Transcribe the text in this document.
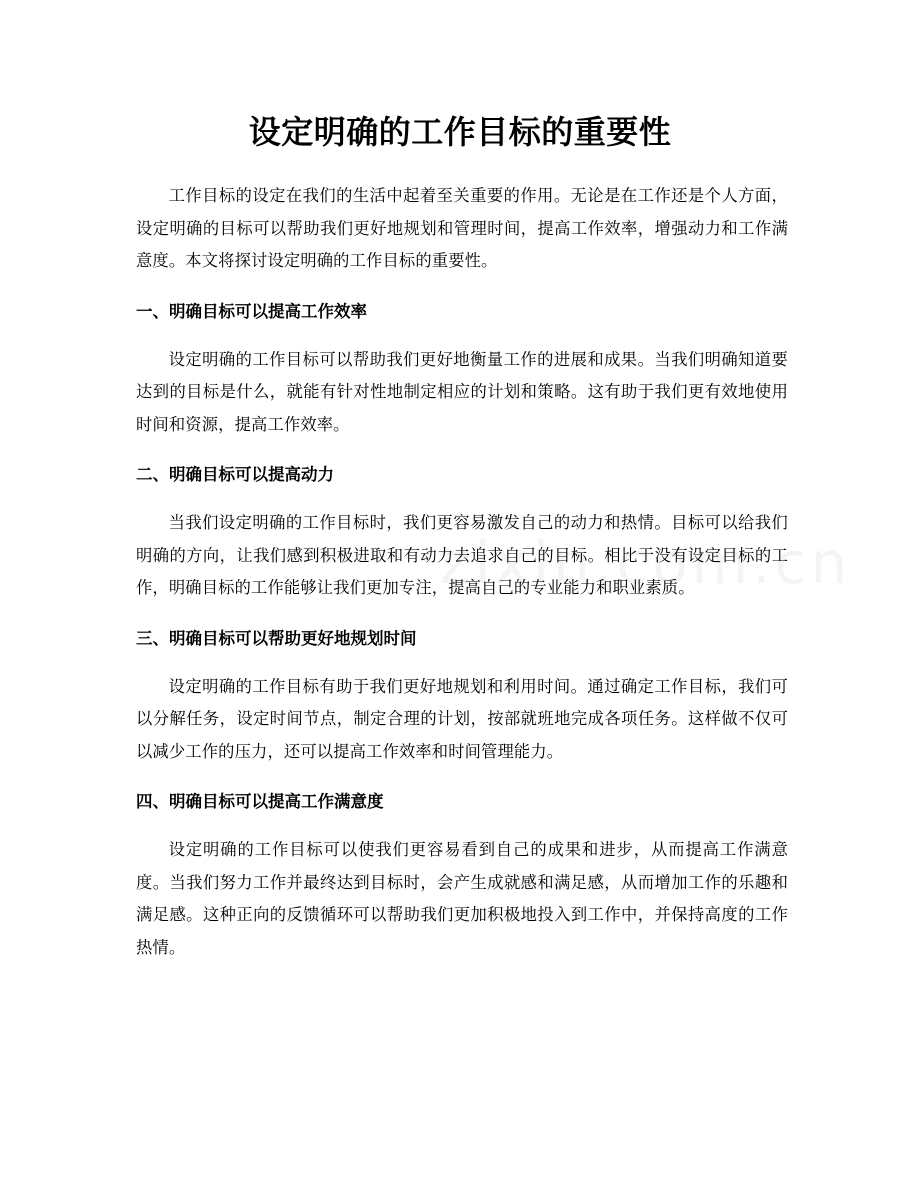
设定明确的工作目标的重要性

工作目标的设定在我们的生活中起着至关重要的作用。无论是在工作还是个人方面，设定明确的目标可以帮助我们更好地规划和管理时间，提高工作效率，增强动力和工作满意度。本文将探讨设定明确的工作目标的重要性。

一、明确目标可以提高工作效率

设定明确的工作目标可以帮助我们更好地衡量工作的进展和成果。当我们明确知道要达到的目标是什么，就能有针对性地制定相应的计划和策略。这有助于我们更有效地使用时间和资源，提高工作效率。

二、明确目标可以提高动力

当我们设定明确的工作目标时，我们更容易激发自己的动力和热情。目标可以给我们明确的方向，让我们感到积极进取和有动力去追求自己的目标。相比于没有设定目标的工作，明确目标的工作能够让我们更加专注，提高自己的专业能力和职业素质。

三、明确目标可以帮助更好地规划时间

设定明确的工作目标有助于我们更好地规划和利用时间。通过确定工作目标，我们可以分解任务，设定时间节点，制定合理的计划，按部就班地完成各项任务。这样做不仅可以减少工作的压力，还可以提高工作效率和时间管理能力。

四、明确目标可以提高工作满意度

设定明确的工作目标可以使我们更容易看到自己的成果和进步，从而提高工作满意度。当我们努力工作并最终达到目标时，会产生成就感和满足感，从而增加工作的乐趣和满足感。这种正向的反馈循环可以帮助我们更加积极地投入到工作中，并保持高度的工作热情。
